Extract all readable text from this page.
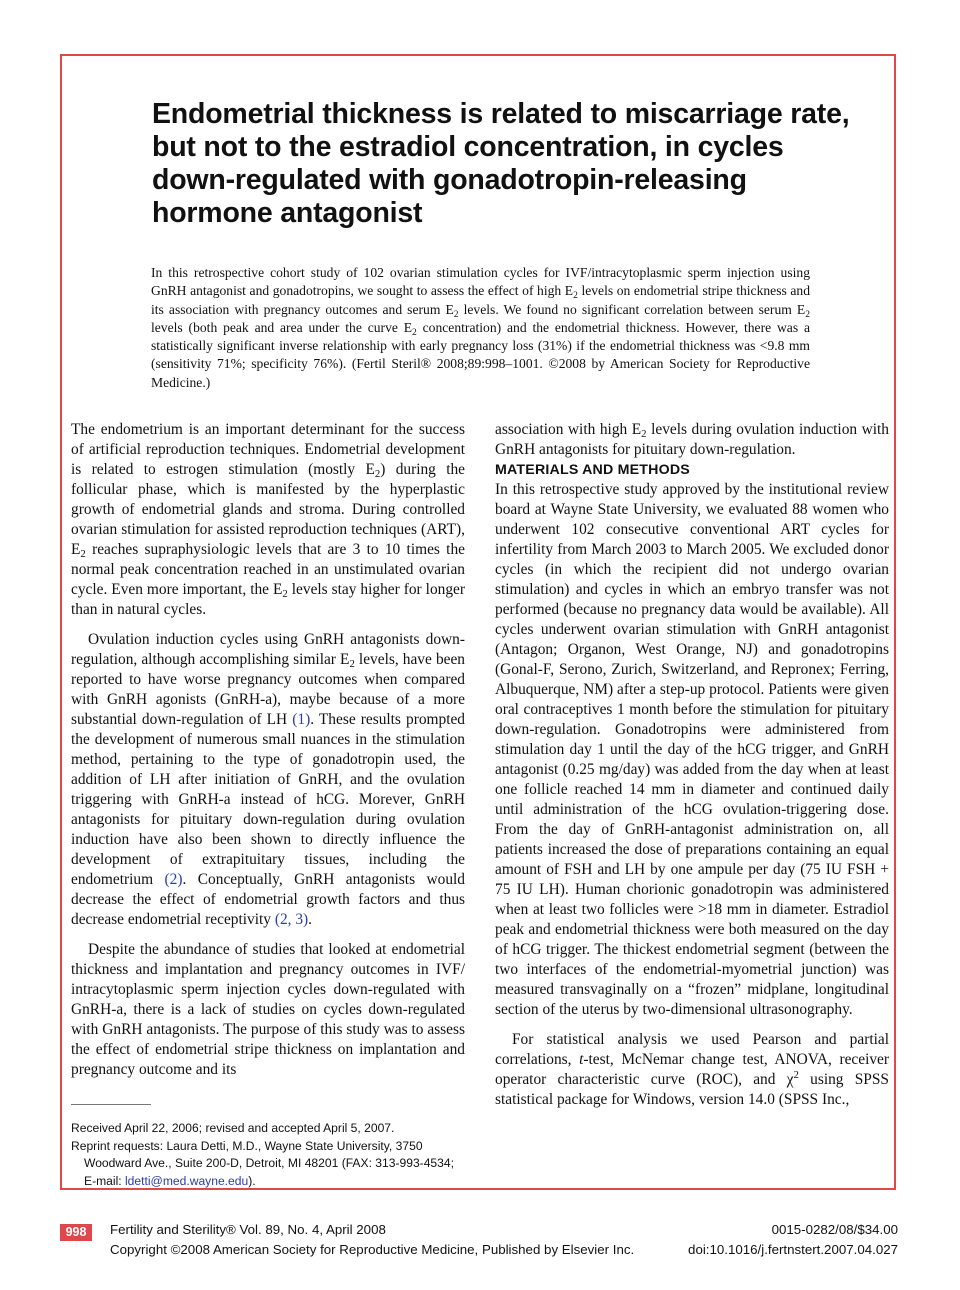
Endometrial thickness is related to miscarriage rate,
but not to the estradiol concentration, in cycles
down-regulated with gonadotropin-releasing
hormone antagonist

In this retrospective cohort study of 102 ovarian stimulation cycles for IVF/intracytoplasmic sperm injection using GnRH antagonist and gonadotropins, we sought to assess the effect of high $E_2$ levels on endometrial stripe thickness and its association with pregnancy outcomes and serum $E_2$ levels. We found no significant correlation between serum $E_2$ levels (both peak and area under the curve $E_2$ concentration) and the endometrial thickness. However, there was a statistically significant inverse relationship with early pregnancy loss (31%) if the endometrial thickness was <9.8 mm (sensitivity 71%; specificity 76%). (Fertil Steril® 2008;89:998–1001. ©2008 by American Society for Reproductive Medicine.)

The endometrium is an important determinant for the success of artificial reproduction techniques. Endometrial development is related to estrogen stimulation (mostly $E_2$) during the follicular phase, which is manifested by the hyperplastic growth of endometrial glands and stroma. During controlled ovarian stimulation for assisted reproduction techniques (ART), $E_2$ reaches supraphysiologic levels that are 3 to 10 times the normal peak concentration reached in an unstimulated ovarian cycle. Even more important, the $E_2$ levels stay higher for longer than in natural cycles.

Ovulation induction cycles using GnRH antagonists down-regulation, although accomplishing similar $E_2$ levels, have been reported to have worse pregnancy outcomes when compared with GnRH agonists (GnRH-a), maybe because of a more substantial down-regulation of LH (1). These results prompted the development of numerous small nuances in the stimulation method, pertaining to the type of gonadotropin used, the addition of LH after initiation of GnRH, and the ovulation triggering with GnRH-a instead of hCG. Morever, GnRH antagonists for pituitary down-regulation during ovulation induction have also been shown to directly influence the development of extrapituitary tissues, including the endometrium (2). Conceptually, GnRH antagonists would decrease the effect of endometrial growth factors and thus decrease endometrial receptivity (2, 3).

Despite the abundance of studies that looked at endometrial thickness and implantation and pregnancy outcomes in IVF/ intracytoplasmic sperm injection cycles down-regulated with GnRH-a, there is a lack of studies on cycles down-regulated with GnRH antagonists. The purpose of this study was to assess the effect of endometrial stripe thickness on implantation and pregnancy outcome and its

association with high $E_2$ levels during ovulation induction with GnRH antagonists for pituitary down-regulation.

MATERIALS AND METHODS

In this retrospective study approved by the institutional review board at Wayne State University, we evaluated 88 women who underwent 102 consecutive conventional ART cycles for infertility from March 2003 to March 2005. We excluded donor cycles (in which the recipient did not undergo ovarian stimulation) and cycles in which an embryo transfer was not performed (because no pregnancy data would be available). All cycles underwent ovarian stimulation with GnRH antagonist (Antagon; Organon, West Orange, NJ) and gonadotropins (Gonal-F, Serono, Zurich, Switzerland, and Repronex; Ferring, Albuquerque, NM) after a step-up protocol. Patients were given oral contraceptives 1 month before the stimulation for pituitary down-regulation. Gonadotropins were administered from stimulation day 1 until the day of the hCG trigger, and GnRH antagonist (0.25 mg/day) was added from the day when at least one follicle reached 14 mm in diameter and continued daily until administration of the hCG ovulation-triggering dose. From the day of GnRH-antagonist administration on, all patients increased the dose of preparations containing an equal amount of FSH and LH by one ampule per day (75 IU FSH + 75 IU LH). Human chorionic gonadotropin was administered when at least two follicles were >18 mm in diameter. Estradiol peak and endometrial thickness were both measured on the day of hCG trigger. The thickest endometrial segment (between the two interfaces of the endometrial-myometrial junction) was measured transvaginally on a “frozen” midplane, longitudinal section of the uterus by two-dimensional ultrasonography.

For statistical analysis we used Pearson and partial correlations, t-test, McNemar change test, ANOVA, receiver operator characteristic curve (ROC), and $\chi^2$ using SPSS statistical package for Windows, version 14.0 (SPSS Inc.,

Received April 22, 2006; revised and accepted April 5, 2007.
Reprint requests: Laura Detti, M.D., Wayne State University, 3750
Woodward Ave., Suite 200-D, Detroit, MI 48201 (FAX: 313-993-4534;
E-mail: ldetti@med.wayne.edu).
998	Fertility and Sterility® Vol. 89, No. 4, April 2008
Copyright ©2008 American Society for Reproductive Medicine, Published by Elsevier Inc.
0015-0282/08/$34.00
doi:10.1016/j.fertnstert.2007.04.027
